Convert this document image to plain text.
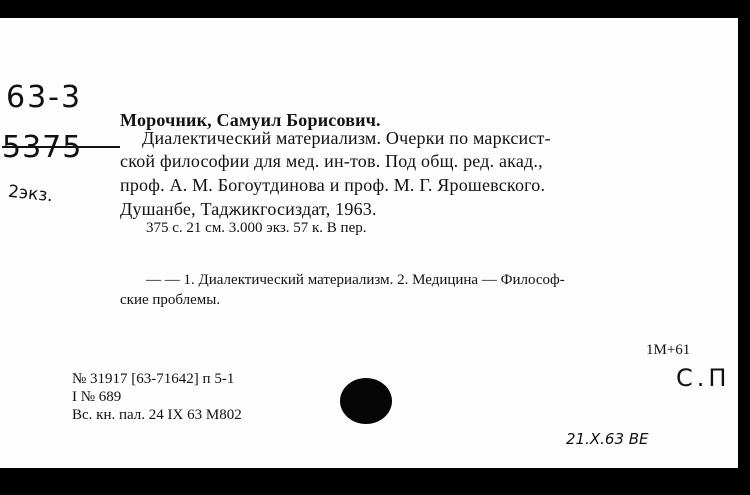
63-3
5375
2экз.
Морочник, Самуил Борисович.
Диалектический материализм. Очерки по марксист-
ской философии для мед. ин-тов. Под общ. ред. акад.,
проф. А. М. Богоутдинова и проф. М. Г. Ярошевского.
Душанбе, Таджикгосиздат, 1963.
375 с. 21 см. 3.000 экз. 57 к. В пер.
— — 1. Диалектический материализм. 2. Медицина — Философ-
ские проблемы.
1М+61
С.П
№ 31917 [63-71642] п 5-1
I № 689
Вс. кн. пал. 24 IX 63 М802
21.Х.63 ВЕ
